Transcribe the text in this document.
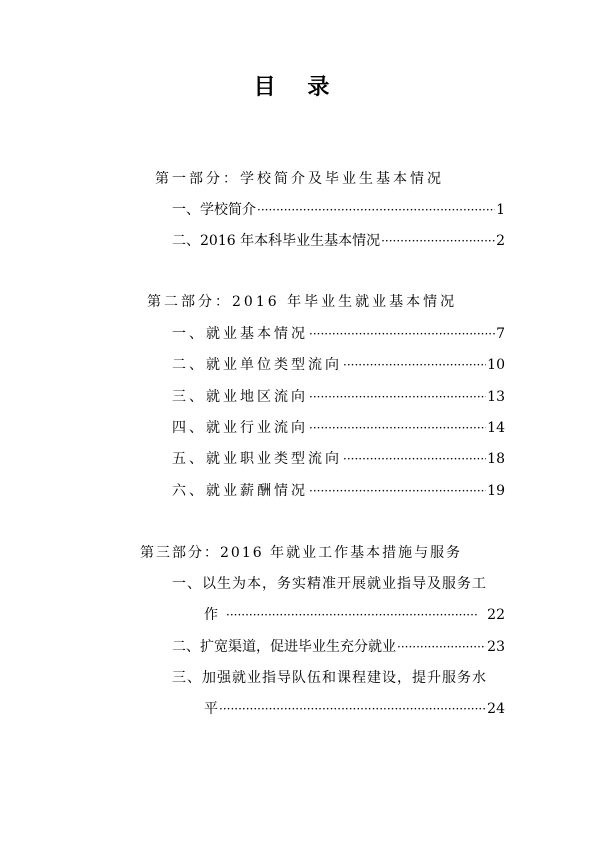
目 录
第一部分：学校简介及毕业生基本情况
一、学校简介 ·····	1
二、2016 年本科毕业生基本情况 ·····	2
第二部分：2016 年毕业生就业基本情况
一、就业基本情况 ·····	7
二、就业单位类型流向 ·····	10
三、就业地区流向 ·····	13
四、就业行业流向 ·····	14
五、就业职业类型流向 ·····	18
六、就业薪酬情况 ·····	19
第三部分：2016 年就业工作基本措施与服务
一、以生为本，务实精准开展就业指导及服务工
作 ·····	22
二、扩宽渠道，促进毕业生充分就业 ·····	23
三、加强就业指导队伍和课程建设，提升服务水
平 ·····	24
